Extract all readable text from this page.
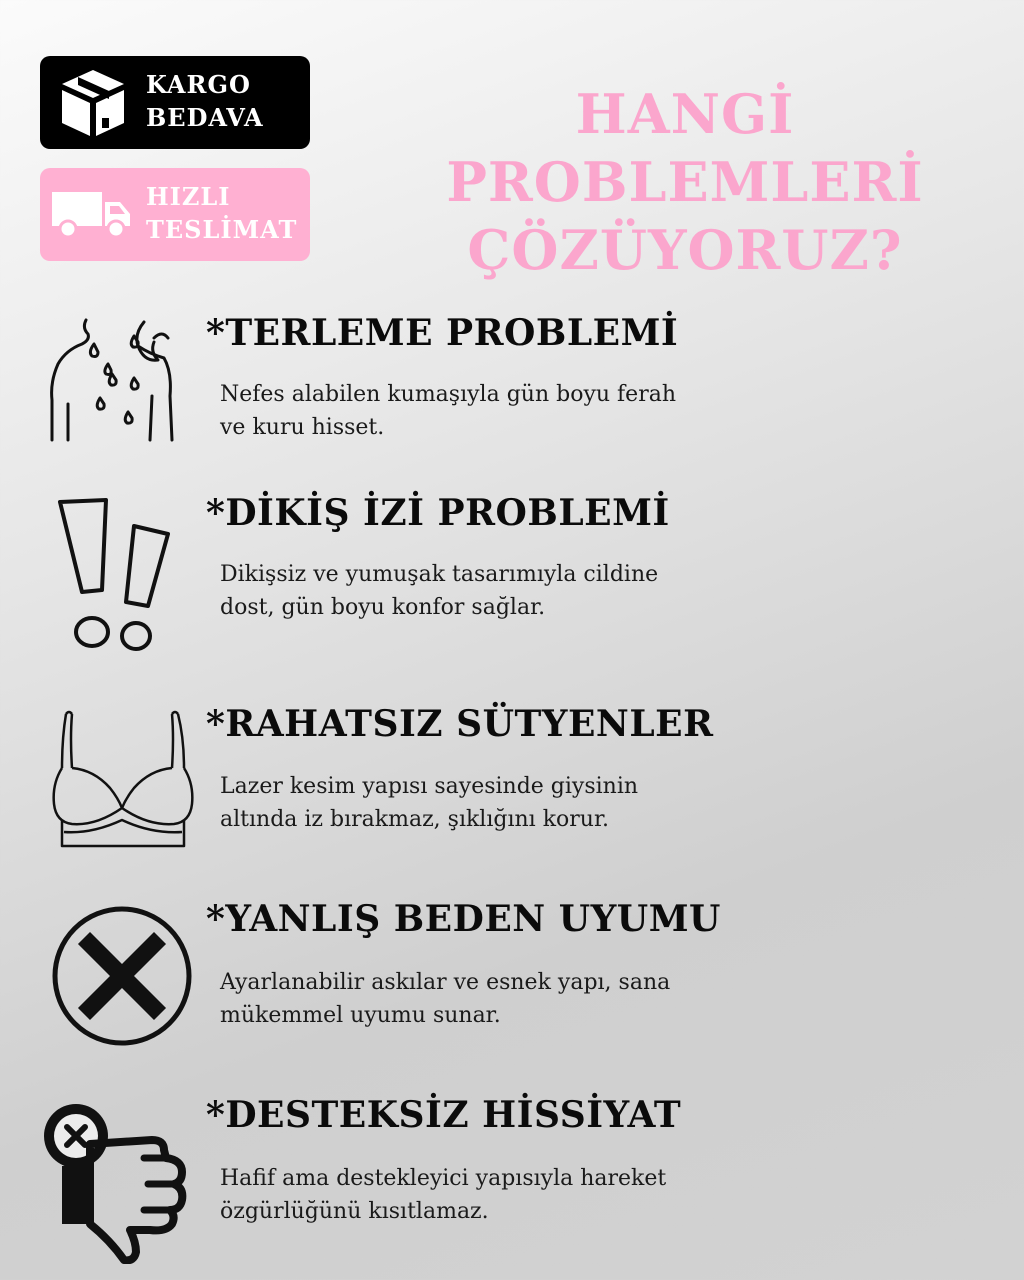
KARGO
BEDAVA
HIZLI
TESLİMAT
HANGİ PROBLEMLERİ
ÇÖZÜYORUZ?
*TERLEME PROBLEMİ

Nefes alabilen kumaşıyla gün boyu ferah ve kuru hisset.

*DİKİŞ İZİ PROBLEMİ

Dikişsiz ve yumuşak tasarımıyla cildine dost, gün boyu konfor sağlar.

*RAHATSIZ SÜTYENLER

Lazer kesim yapısı sayesinde giysinin altında iz bırakmaz, şıklığını korur.

*YANLIŞ BEDEN UYUMU

Ayarlanabilir askılar ve esnek yapı, sana mükemmel uyumu sunar.

*DESTEKSİZ HİSSİYAT

Hafif ama destekleyici yapısıyla hareket özgürlüğünü kısıtlamaz.
